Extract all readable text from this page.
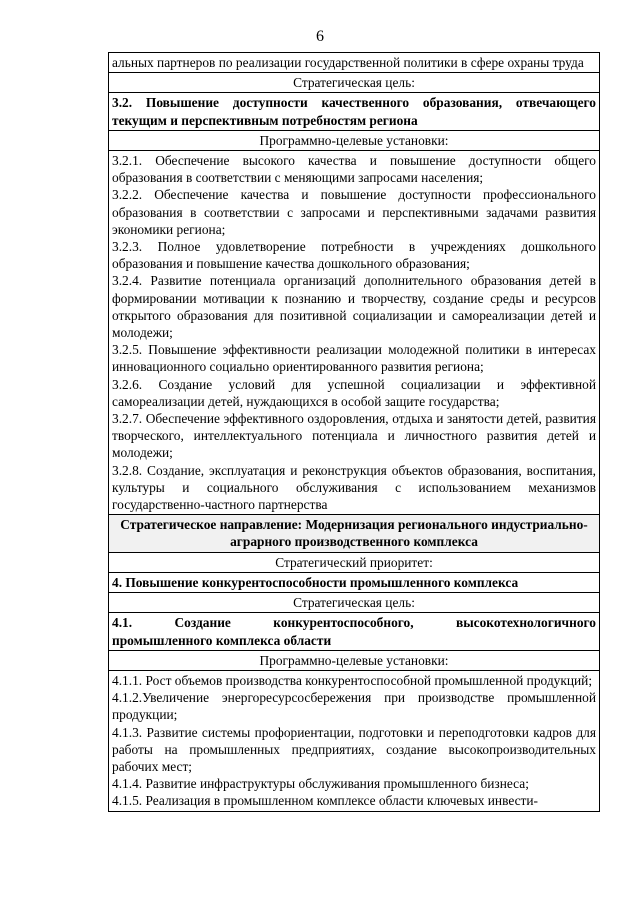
6
альных партнеров по реализации государственной политики в сфере охраны труда
Стратегическая цель:
3.2. Повышение доступности качественного образования, отвечающего текущим и перспективным потребностям региона
Программно-целевые установки:
3.2.1. Обеспечение высокого качества и повышение доступности общего образования в соответствии с меняющими запросами населения;
3.2.2. Обеспечение качества и повышение доступности профессионального образования в соответствии с запросами и перспективными задачами развития экономики региона;
3.2.3. Полное удовлетворение потребности в учреждениях дошкольного образования и повышение качества дошкольного образования;
3.2.4. Развитие потенциала организаций дополнительного образования детей в формировании мотивации к познанию и творчеству, создание среды и ресурсов открытого образования для позитивной социализации и самореализации детей и молодежи;
3.2.5. Повышение эффективности реализации молодежной политики в интересах инновационного социально ориентированного развития региона;
3.2.6. Создание условий для успешной социализации и эффективной самореализации детей, нуждающихся в особой защите государства;
3.2.7. Обеспечение эффективного оздоровления, отдыха и занятости детей, развития творческого, интеллектуального потенциала и личностного развития детей и молодежи;
3.2.8. Создание, эксплуатация и реконструкция объектов образования, воспитания, культуры и социального обслуживания с использованием механизмов государственно-частного партнерства
Стратегическое направление: Модернизация регионального индустриально-аграрного производственного комплекса
Стратегический приоритет:
4. Повышение конкурентоспособности промышленного комплекса
Стратегическая цель:
4.1.	Создание	конкурентоспособного,	высокотехнологичного
промышленного комплекса области
Программно-целевые установки:
4.1.1. Рост объемов производства конкурентоспособной промышленной продукций;
4.1.2.Увеличение энергоресурсосбережения при производстве промышленной продукции;
4.1.3. Развитие системы профориентации, подготовки и переподготовки кадров для работы на промышленных предприятиях, создание высокопроизводительных рабочих мест;
4.1.4. Развитие инфраструктуры обслуживания промышленного бизнеса;
4.1.5. Реализация в промышленном комплексе области ключевых инвести-
